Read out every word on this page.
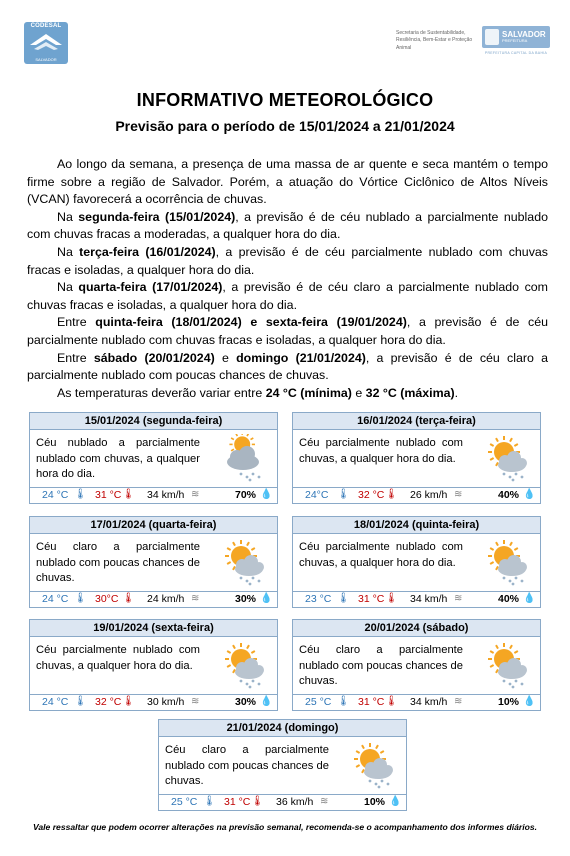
CODESAL
SALVADOR
Secretaria de Sustentabilidade, Resiliência, Bem-Estar e Proteção Animal
SALVADOR
PREFEITURA
PREFEITURA CAPITAL DA BAHIA
INFORMATIVO METEOROLÓGICO
Previsão para o período de 15/01/2024 a 21/01/2024

Ao longo da semana, a presença de uma massa de ar quente e seca mantém o tempo firme sobre a região de Salvador. Porém, a atuação do Vórtice Ciclônico de Altos Níveis (VCAN) favorecerá a ocorrência de chuvas.

Na segunda-feira (15/01/2024), a previsão é de céu nublado a parcialmente nublado com chuvas fracas a moderadas, a qualquer hora do dia.

Na terça-feira (16/01/2024), a previsão é de céu parcialmente nublado com chuvas fracas e isoladas, a qualquer hora do dia.

Na quarta-feira (17/01/2024), a previsão é de céu claro a parcialmente nublado com chuvas fracas e isoladas, a qualquer hora do dia.

Entre quinta-feira (18/01/2024) e sexta-feira (19/01/2024), a previsão é de céu parcialmente nublado com chuvas fracas e isoladas, a qualquer hora do dia.

Entre sábado (20/01/2024) e domingo (21/01/2024), a previsão é de céu claro a parcialmente nublado com poucas chances de chuvas.

As temperaturas deverão variar entre 24 °C (mínima) e 32 °C (máxima).

15/01/2024 (segunda-feira)
Céu nublado a parcialmente nublado com chuvas, a qualquer hora do dia.
24 °C 🌡 31 °C 🌡 34 km/h ≋	70% 💧
16/01/2024 (terça-feira)
Céu parcialmente nublado com chuvas, a qualquer hora do dia.
24°C 🌡 32 °C 🌡 26 km/h ≋	40% 💧
17/01/2024 (quarta-feira)
Céu claro a parcialmente nublado com poucas chances de chuvas.
24 °C 🌡 30°C 🌡 24 km/h ≋	30% 💧
18/01/2024 (quinta-feira)
Céu parcialmente nublado com chuvas, a qualquer hora do dia.
23 °C 🌡 31 °C 🌡 34 km/h ≋	40% 💧
19/01/2024 (sexta-feira)
Céu parcialmente nublado com chuvas, a qualquer hora do dia.
24 °C 🌡 32 °C 🌡 30 km/h ≋	30% 💧
20/01/2024 (sábado)
Céu claro a parcialmente nublado com poucas chances de chuvas.
25 °C 🌡 31 °C 🌡 34 km/h ≋	10% 💧
21/01/2024 (domingo)
Céu claro a parcialmente nublado com poucas chances de chuvas.
25 °C 🌡 31 °C 🌡 36 km/h ≋	10% 💧
Vale ressaltar que podem ocorrer alterações na previsão semanal, recomenda-se o acompanhamento dos informes diários.
